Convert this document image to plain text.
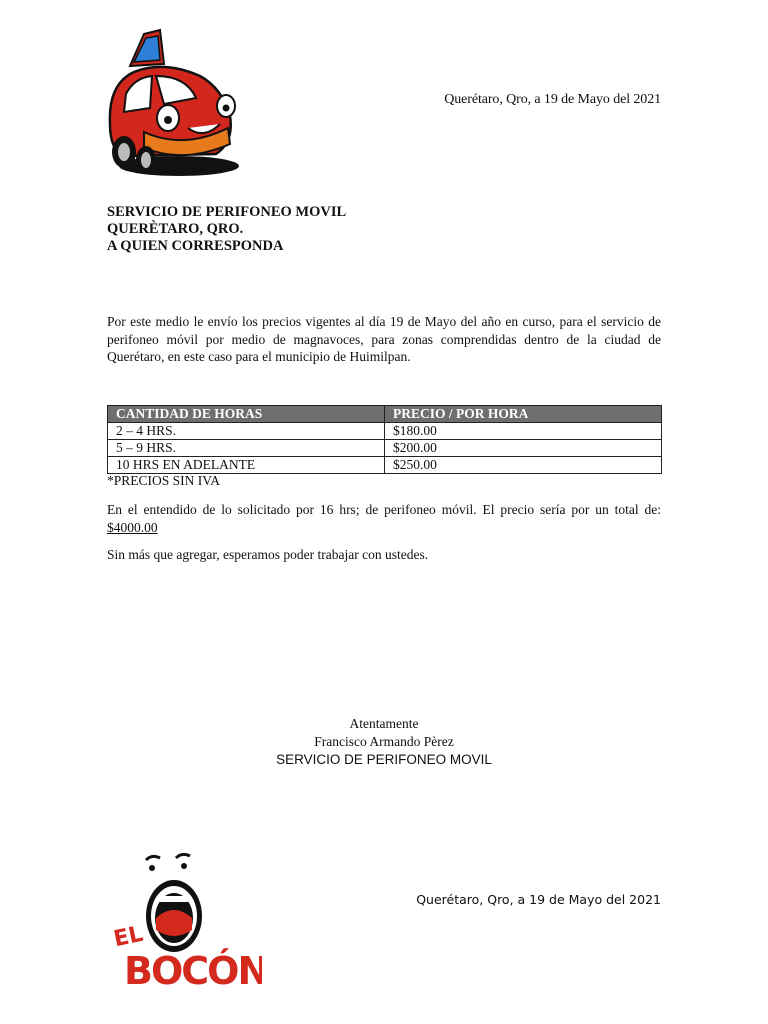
Querétaro, Qro, a 19 de Mayo del 2021
SERVICIO DE PERIFONEO MOVIL
QUERÈTARO, QRO.
A QUIEN CORRESPONDA
Por este medio le envío los precios vigentes al día 19 de Mayo del año en curso, para el servicio de perifoneo móvil por medio de magnavoces, para zonas comprendidas dentro de la ciudad de Querétaro, en este caso para el municipio de Huimilpan.
CANTIDAD DE HORAS	PRECIO / POR HORA
2 – 4 HRS.	$180.00
5 – 9 HRS.	$200.00
10 HRS EN ADELANTE	$250.00
*PRECIOS SIN IVA
En el entendido de lo solicitado por 16 hrs; de perifoneo móvil. El precio sería por un total de: $4000.00
Sin más que agregar, esperamos poder trabajar con ustedes.
Atentamente
Francisco Armando Pèrez
SERVICIO DE PERIFONEO MOVIL
EL
BOCÓN
Querétaro, Qro, a 19 de Mayo del 2021
